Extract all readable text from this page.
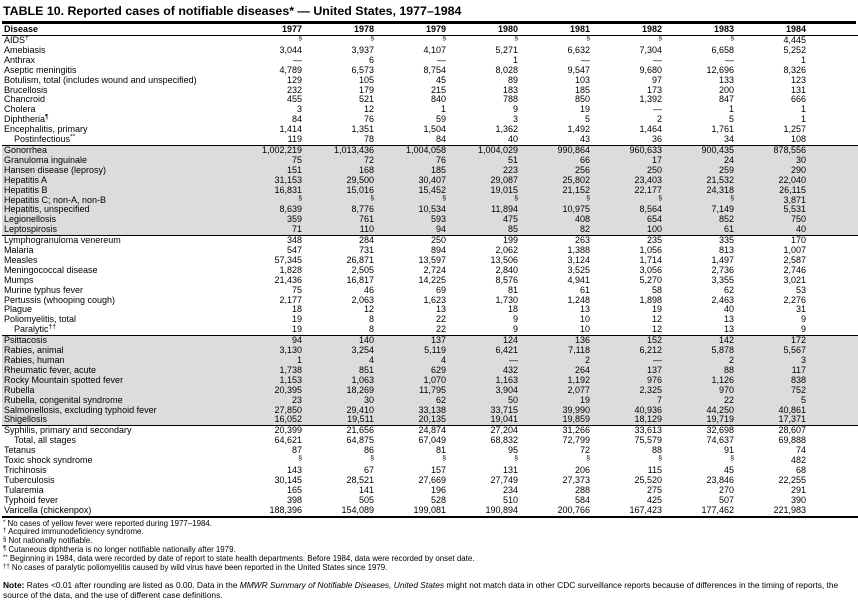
TABLE 10. Reported cases of notifiable diseases* — United States, 1977–1984
Disease	1977	1978	1979	1980	1981	1982	1983	1984	
AIDS†	§	§	§	§	§	§	§	4,445	
Amebiasis	3,044	3,937	4,107	5,271	6,632	7,304	6,658	5,252	
Anthrax	—	6	—	1	—	—	—	1	
Aseptic meningitis	4,789	6,573	8,754	8,028	9,547	9,680	12,696	8,326	
Botulism, total (includes wound and unspecified)	129	105	45	89	103	97	133	123	
Brucellosis	232	179	215	183	185	173	200	131	
Chancroid	455	521	840	788	850	1,392	847	666	
Cholera	3	12	1	9	19	—	1	1	
Diphtheria¶	84	76	59	3	5	2	5	1	
Encephalitis, primary	1,414	1,351	1,504	1,362	1,492	1,464	1,761	1,257	
Postinfectious**	119	78	84	40	43	36	34	108	
Gonorrhea	1,002,219	1,013,436	1,004,058	1,004,029	990,864	960,633	900,435	878,556	
Granuloma inguinale	75	72	76	51	66	17	24	30	
Hansen disease (leprosy)	151	168	185	223	256	250	259	290	
Hepatitis A	31,153	29,500	30,407	29,087	25,802	23,403	21,532	22,040	
Hepatitis B	16,831	15,016	15,452	19,015	21,152	22,177	24,318	26,115	
Hepatitis C; non-A, non-B	§	§	§	§	§	§	§	3,871	
Hepatitis, unspecified	8,639	8,776	10,534	11,894	10,975	8,564	7,149	5,531	
Legionellosis	359	761	593	475	408	654	852	750	
Leptospirosis	71	110	94	85	82	100	61	40	
Lymphogranuloma venereum	348	284	250	199	263	235	335	170	
Malaria	547	731	894	2,062	1,388	1,056	813	1,007	
Measles	57,345	26,871	13,597	13,506	3,124	1,714	1,497	2,587	
Meningococcal disease	1,828	2,505	2,724	2,840	3,525	3,056	2,736	2,746	
Mumps	21,436	16,817	14,225	8,576	4,941	5,270	3,355	3,021	
Murine typhus fever	75	46	69	81	61	58	62	53	
Pertussis (whooping cough)	2,177	2,063	1,623	1,730	1,248	1,898	2,463	2,276	
Plague	18	12	13	18	13	19	40	31	
Poliomyelitis, total	19	8	22	9	10	12	13	9	
Paralytic††	19	8	22	9	10	12	13	9	
Psittacosis	94	140	137	124	136	152	142	172	
Rabies, animal	3,130	3,254	5,119	6,421	7,118	6,212	5,878	5,567	
Rabies, human	1	4	4	—	2	—	2	3	
Rheumatic fever, acute	1,738	851	629	432	264	137	88	117	
Rocky Mountain spotted fever	1,153	1,063	1,070	1,163	1,192	976	1,126	838	
Rubella	20,395	18,269	11,795	3,904	2,077	2,325	970	752	
Rubella, congenital syndrome	23	30	62	50	19	7	22	5	
Salmonellosis, excluding typhoid fever	27,850	29,410	33,138	33,715	39,990	40,936	44,250	40,861	
Shigellosis	16,052	19,511	20,135	19,041	19,859	18,129	19,719	17,371	
Syphilis, primary and secondary	20,399	21,656	24,874	27,204	31,266	33,613	32,698	28,607	
Total, all stages	64,621	64,875	67,049	68,832	72,799	75,579	74,637	69,888	
Tetanus	87	86	81	95	72	88	91	74	
Toxic shock syndrome	§	§	§	§	§	§	§	482	
Trichinosis	143	67	157	131	206	115	45	68	
Tuberculosis	30,145	28,521	27,669	27,749	27,373	25,520	23,846	22,255	
Tularemia	165	141	196	234	288	275	270	291	
Typhoid fever	398	505	528	510	584	425	507	390	
Varicella (chickenpox)	188,396	154,089	199,081	190,894	200,766	167,423	177,462	221,983	
* No cases of yellow fever were reported during 1977–1984.
† Acquired immunodeficiency syndrome.
§ Not nationally notifiable.
¶ Cutaneous diphtheria is no longer notifiable nationally after 1979.
** Beginning in 1984, data were recorded by date of report to state health departments. Before 1984, data were recorded by onset date.
†† No cases of paralytic poliomyelitis caused by wild virus have been reported in the United States since 1979.
Note: Rates <0.01 after rounding are listed as 0.00. Data in the MMWR Summary of Notifiable Diseases, United States might not match data in other CDC surveillance reports because of differences in the timing of reports, the source of the data, and the use of different case definitions.
